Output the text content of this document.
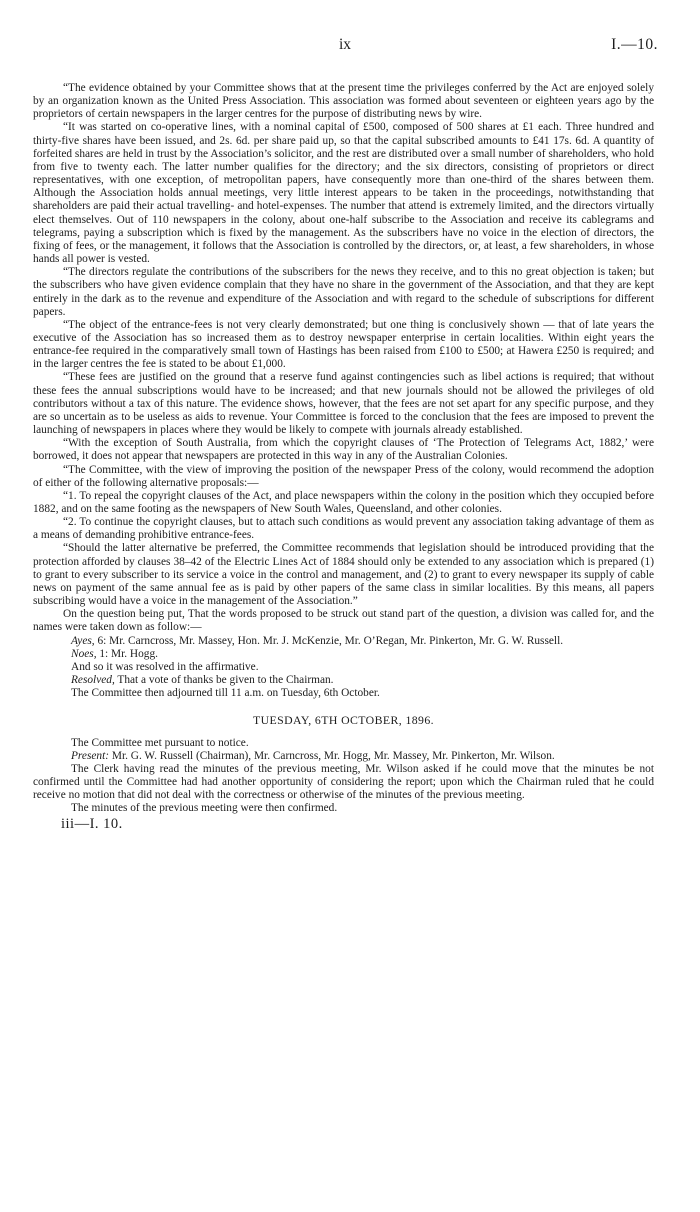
ix	I.—10.

“The evidence obtained by your Committee shows that at the present time the privileges conferred by the Act are enjoyed solely by an organization known as the United Press Association. This association was formed about seventeen or eighteen years ago by the proprietors of certain newspapers in the larger centres for the purpose of distributing news by wire.

“It was started on co-operative lines, with a nominal capital of £500, composed of 500 shares at £1 each. Three hundred and thirty-five shares have been issued, and 2s. 6d. per share paid up, so that the capital subscribed amounts to £41 17s. 6d. A quantity of forfeited shares are held in trust by the Association’s solicitor, and the rest are distributed over a small number of shareholders, who hold from five to twenty each. The latter number qualifies for the directory; and the six directors, consisting of proprietors or direct representatives, with one exception, of metropolitan papers, have consequently more than one-third of the shares between them. Although the Association holds annual meetings, very little interest appears to be taken in the proceedings, notwithstanding that shareholders are paid their actual travelling- and hotel-expenses. The number that attend is extremely limited, and the directors virtually elect themselves. Out of 110 newspapers in the colony, about one-half subscribe to the Association and receive its cablegrams and telegrams, paying a subscription which is fixed by the management. As the subscribers have no voice in the election of directors, the fixing of fees, or the management, it follows that the Association is controlled by the directors, or, at least, a few shareholders, in whose hands all power is vested.

“The directors regulate the contributions of the subscribers for the news they receive, and to this no great objection is taken; but the subscribers who have given evidence complain that they have no share in the government of the Association, and that they are kept entirely in the dark as to the revenue and expenditure of the Association and with regard to the schedule of subscriptions for different papers.

“The object of the entrance-fees is not very clearly demonstrated; but one thing is conclusively shown — that of late years the executive of the Association has so increased them as to destroy newspaper enterprise in certain localities. Within eight years the entrance-fee required in the comparatively small town of Hastings has been raised from £100 to £500; at Hawera £250 is required; and in the larger centres the fee is stated to be about £1,000.

“These fees are justified on the ground that a reserve fund against contingencies such as libel actions is required; that without these fees the annual subscriptions would have to be increased; and that new journals should not be allowed the privileges of old contributors without a tax of this nature. The evidence shows, however, that the fees are not set apart for any specific purpose, and they are so uncertain as to be useless as aids to revenue. Your Committee is forced to the conclusion that the fees are imposed to prevent the launching of newspapers in places where they would be likely to compete with journals already established.

“With the exception of South Australia, from which the copyright clauses of ‘The Protection of Telegrams Act, 1882,’ were borrowed, it does not appear that newspapers are protected in this way in any of the Australian Colonies.

“The Committee, with the view of improving the position of the newspaper Press of the colony, would recommend the adoption of either of the following alternative proposals:—

“1. To repeal the copyright clauses of the Act, and place newspapers within the colony in the position which they occupied before 1882, and on the same footing as the newspapers of New South Wales, Queensland, and other colonies.

“2. To continue the copyright clauses, but to attach such conditions as would prevent any association taking advantage of them as a means of demanding prohibitive entrance-fees.

“Should the latter alternative be preferred, the Committee recommends that legislation should be introduced providing that the protection afforded by clauses 38–42 of the Electric Lines Act of 1884 should only be extended to any association which is prepared (1) to grant to every subscriber to its service a voice in the control and management, and (2) to grant to every newspaper its supply of cable news on payment of the same annual fee as is paid by other papers of the same class in similar localities. By this means, all papers subscribing would have a voice in the management of the Association.”

On the question being put, That the words proposed to be struck out stand part of the question, a division was called for, and the names were taken down as follow:—

Ayes, 6: Mr. Carncross, Mr. Massey, Hon. Mr. J. McKenzie, Mr. O’Regan, Mr. Pinkerton, Mr. G. W. Russell.

Noes, 1: Mr. Hogg.

And so it was resolved in the affirmative.

Resolved, That a vote of thanks be given to the Chairman.

The Committee then adjourned till 11 a.m. on Tuesday, 6th October.

TUESDAY, 6TH OCTOBER, 1896.

The Committee met pursuant to notice.

Present: Mr. G. W. Russell (Chairman), Mr. Carncross, Mr. Hogg, Mr. Massey, Mr. Pinkerton, Mr. Wilson.

The Clerk having read the minutes of the previous meeting, Mr. Wilson asked if he could move that the minutes be not confirmed until the Committee had had another opportunity of considering the report; upon which the Chairman ruled that he could receive no motion that did not deal with the correctness or otherwise of the minutes of the previous meeting.

The minutes of the previous meeting were then confirmed.

iii—I. 10.
